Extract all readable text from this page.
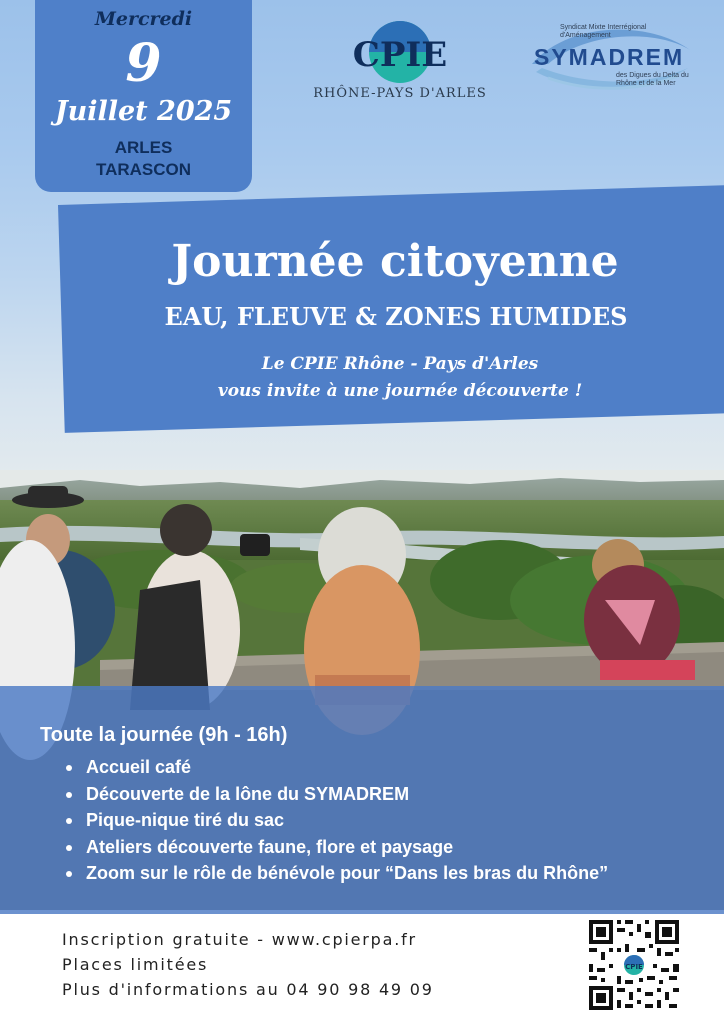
Mercredi
9
Juillet 2025
ARLES
TARASCON
CPIE
RHÔNE-PAYS D'ARLES
Syndicat Mixte Interrégional d'Aménagement
SYMADREM
des Digues du Delta du Rhône et de la Mer
Journée citoyenne
EAU, FLEUVE & ZONES HUMIDES
Le CPIE Rhône - Pays d'Arles
vous invite à une journée découverte !
Toute la journée (9h - 16h)
Accueil café
Découverte de la lône du SYMADREM
Pique-nique tiré du sac
Ateliers découverte faune, flore et paysage
Zoom sur le rôle de bénévole pour “Dans les bras du Rhône”
Inscription gratuite - www.cpierpa.fr
Places limitées
Plus d'informations au 04 90 98 49 09
CPIE
